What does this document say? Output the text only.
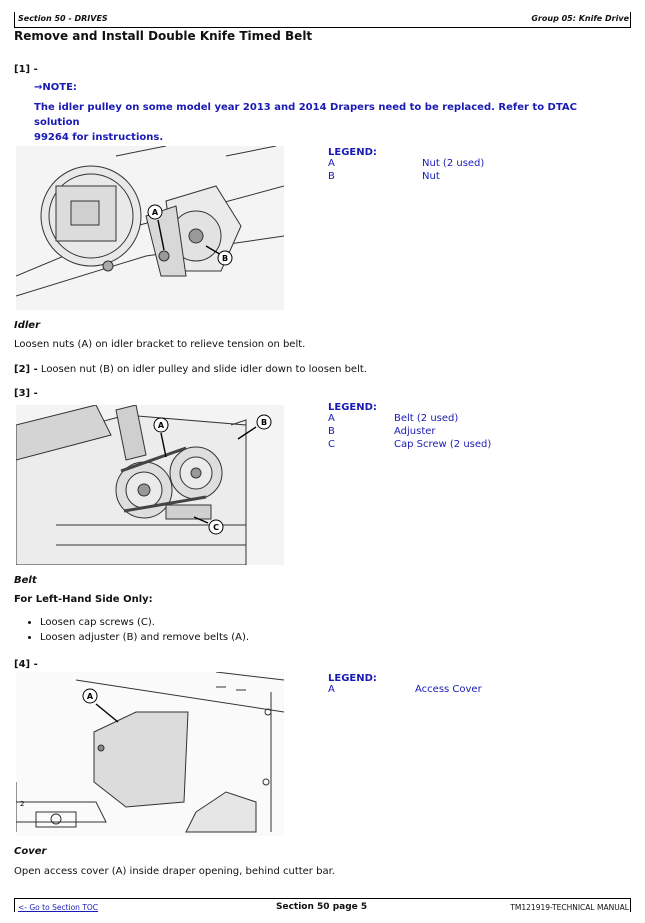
Section 50 - DRIVES	Group 05: Knife Drive
Remove and Install Double Knife Timed Belt
[1] -
→NOTE:
The idler pulley on some model year 2013 and 2014 Drapers need to be replaced. Refer to DTAC solution
99264 for instructions.
A
B
LEGEND:
A	Nut (2 used)
B	Nut
Idler
Loosen nuts (A) on idler bracket to relieve tension on belt.
[2] - Loosen nut (B) on idler pulley and slide idler down to loosen belt.
[3] -
A	B
C
LEGEND:
A	Belt (2 used)
B	Adjuster
C	Cap Screw (2 used)
Belt
For Left-Hand Side Only:
• Loosen cap screws (C).
• Loosen adjuster (B) and remove belts (A).
[4] -
A
2
LEGEND:
A	Access Cover
Cover
Open access cover (A) inside draper opening, behind cutter bar.
<- Go to Section TOC	Section 50 page 5	TM121919-TECHNICAL MANUAL
